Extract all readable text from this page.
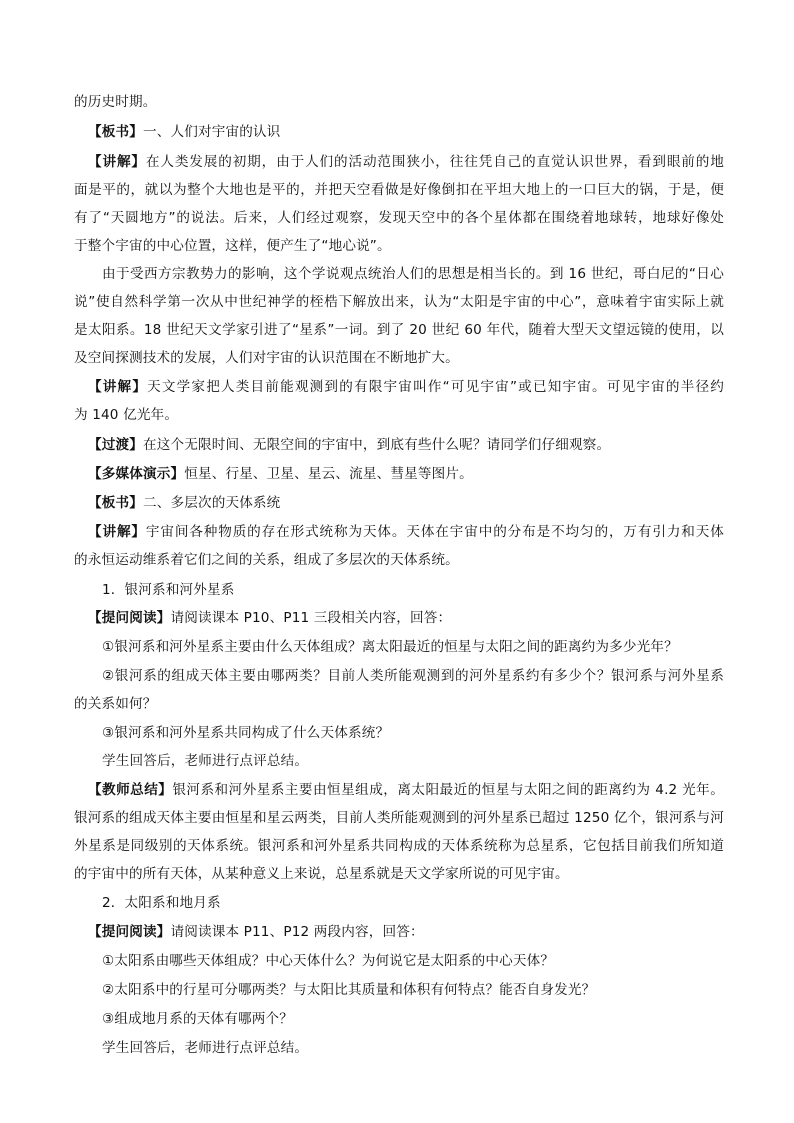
的历史时期。
【板书】一、人们对宇宙的认识
【讲解】在人类发展的初期，由于人们的活动范围狭小，往往凭自己的直觉认识世界，看到眼前的地
面是平的，就以为整个大地也是平的，并把天空看做是好像倒扣在平坦大地上的一口巨大的锅，于是，便
有了“天圆地方”的说法。后来，人们经过观察，发现天空中的各个星体都在围绕着地球转，地球好像处
于整个宇宙的中心位置，这样，便产生了“地心说”。
由于受西方宗教势力的影响，这个学说观点统治人们的思想是相当长的。到 16 世纪，哥白尼的“日心
说”使自然科学第一次从中世纪神学的桎梏下解放出来，认为“太阳是宇宙的中心”，意味着宇宙实际上就
是太阳系。18 世纪天文学家引进了“星系”一词。到了 20 世纪 60 年代，随着大型天文望远镜的使用，以
及空间探测技术的发展，人们对宇宙的认识范围在不断地扩大。
【讲解】天文学家把人类目前能观测到的有限宇宙叫作“可见宇宙”或已知宇宙。可见宇宙的半径约
为 140 亿光年。
【过渡】在这个无限时间、无限空间的宇宙中，到底有些什么呢？请同学们仔细观察。
【多媒体演示】恒星、行星、卫星、星云、流星、彗星等图片。
【板书】二、多层次的天体系统
【讲解】宇宙间各种物质的存在形式统称为天体。天体在宇宙中的分布是不均匀的，万有引力和天体
的永恒运动维系着它们之间的关系，组成了多层次的天体系统。
1．银河系和河外星系
【提问阅读】请阅读课本 P10、P11 三段相关内容，回答：
①银河系和河外星系主要由什么天体组成？离太阳最近的恒星与太阳之间的距离约为多少光年？
②银河系的组成天体主要由哪两类？目前人类所能观测到的河外星系约有多少个？银河系与河外星系
的关系如何？
③银河系和河外星系共同构成了什么天体系统？
学生回答后，老师进行点评总结。
【教师总结】银河系和河外星系主要由恒星组成，离太阳最近的恒星与太阳之间的距离约为 4.2 光年。
银河系的组成天体主要由恒星和星云两类，目前人类所能观测到的河外星系已超过 1250 亿个，银河系与河
外星系是同级别的天体系统。银河系和河外星系共同构成的天体系统称为总星系，它包括目前我们所知道
的宇宙中的所有天体，从某种意义上来说，总星系就是天文学家所说的可见宇宙。
2．太阳系和地月系
【提问阅读】请阅读课本 P11、P12 两段内容，回答：
①太阳系由哪些天体组成？中心天体什么？为何说它是太阳系的中心天体？
②太阳系中的行星可分哪两类？与太阳比其质量和体积有何特点？能否自身发光？
③组成地月系的天体有哪两个？
学生回答后，老师进行点评总结。
